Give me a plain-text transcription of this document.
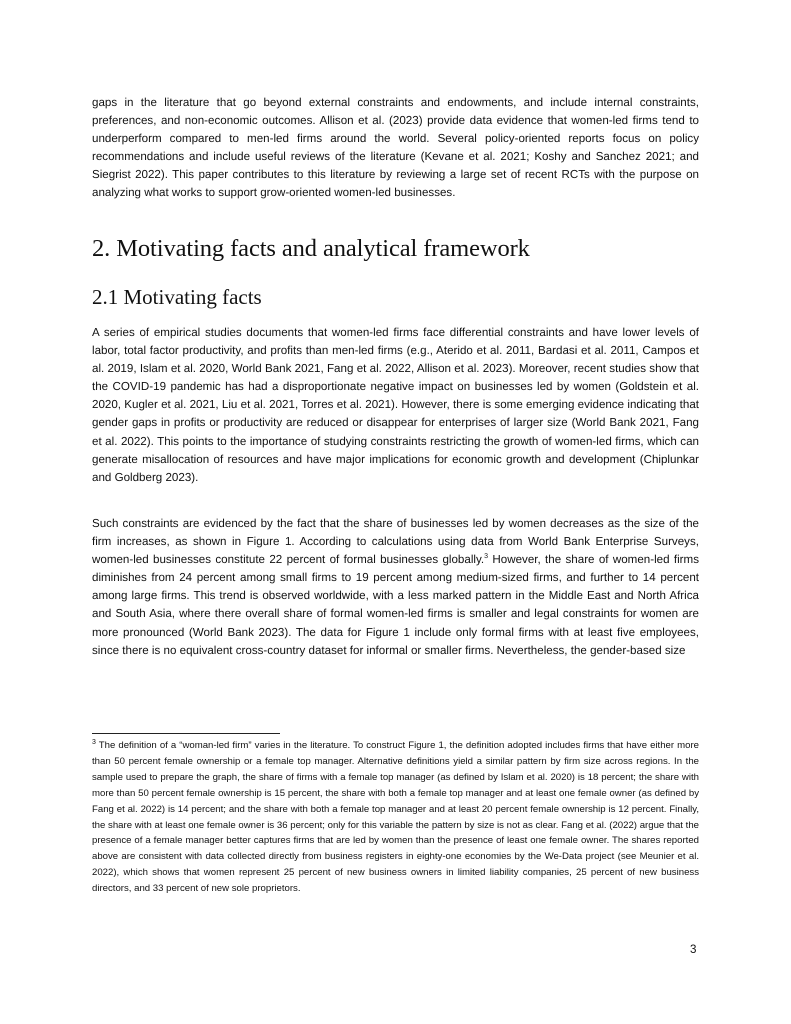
gaps in the literature that go beyond external constraints and endowments, and include internal constraints, preferences, and non-economic outcomes. Allison et al. (2023) provide data evidence that women-led firms tend to underperform compared to men-led firms around the world. Several policy-oriented reports focus on policy recommendations and include useful reviews of the literature (Kevane et al. 2021; Koshy and Sanchez 2021; and Siegrist 2022). This paper contributes to this literature by reviewing a large set of recent RCTs with the purpose on analyzing what works to support grow-oriented women-led businesses.

2. Motivating facts and analytical framework
2.1 Motivating facts

A series of empirical studies documents that women-led firms face differential constraints and have lower levels of labor, total factor productivity, and profits than men-led firms (e.g., Aterido et al. 2011, Bardasi et al. 2011, Campos et al. 2019, Islam et al. 2020, World Bank 2021, Fang et al. 2022, Allison et al. 2023). Moreover, recent studies show that the COVID-19 pandemic has had a disproportionate negative impact on businesses led by women (Goldstein et al. 2020, Kugler et al. 2021, Liu et al. 2021, Torres et al. 2021). However, there is some emerging evidence indicating that gender gaps in profits or productivity are reduced or disappear for enterprises of larger size (World Bank 2021, Fang et al. 2022). This points to the importance of studying constraints restricting the growth of women-led firms, which can generate misallocation of resources and have major implications for economic growth and development (Chiplunkar and Goldberg 2023).

Such constraints are evidenced by the fact that the share of businesses led by women decreases as the size of the firm increases, as shown in Figure 1. According to calculations using data from World Bank Enterprise Surveys, women-led businesses constitute 22 percent of formal businesses globally.$^3$ However, the share of women-led firms diminishes from 24 percent among small firms to 19 percent among medium-sized firms, and further to 14 percent among large firms. This trend is observed worldwide, with a less marked pattern in the Middle East and North Africa and South Asia, where there overall share of formal women-led firms is smaller and legal constraints for women are more pronounced (World Bank 2023). The data for Figure 1 include only formal firms with at least five employees, since there is no equivalent cross-country dataset for informal or smaller firms. Nevertheless, the gender-based size

$^3$ The definition of a “woman-led firm” varies in the literature. To construct Figure 1, the definition adopted includes firms that have either more than 50 percent female ownership or a female top manager. Alternative definitions yield a similar pattern by firm size across regions. In the sample used to prepare the graph, the share of firms with a female top manager (as defined by Islam et al. 2020) is 18 percent; the share with more than 50 percent female ownership is 15 percent, the share with both a female top manager and at least one female owner (as defined by Fang et al. 2022) is 14 percent; and the share with both a female top manager and at least 20 percent female ownership is 12 percent. Finally, the share with at least one female owner is 36 percent; only for this variable the pattern by size is not as clear. Fang et al. (2022) argue that the presence of a female manager better captures firms that are led by women than the presence of least one female owner. The shares reported above are consistent with data collected directly from business registers in eighty-one economies by the We-Data project (see Meunier et al. 2022), which shows that women represent 25 percent of new business owners in limited liability companies, 25 percent of new business directors, and 33 percent of new sole proprietors.

3
